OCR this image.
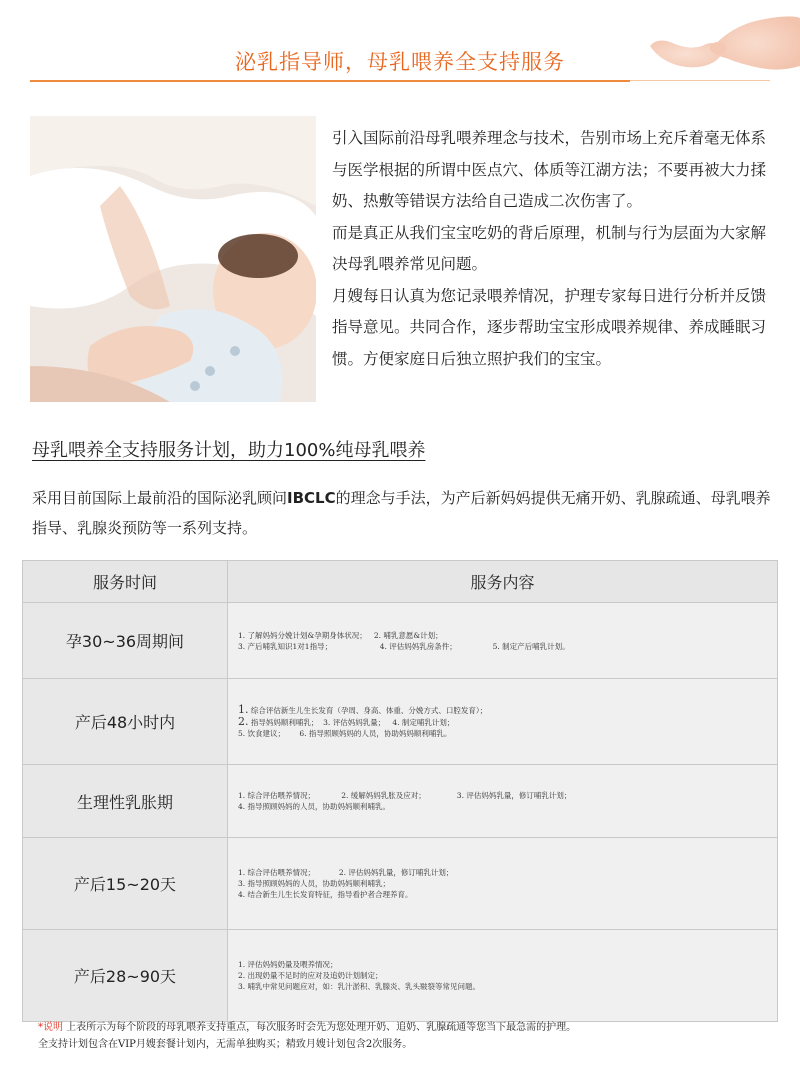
泌乳指导师，母乳喂养全支持服务

引入国际前沿母乳喂养理念与技术，告别市场上充斥着毫无体系与医学根据的所谓中医点穴、体质等江湖方法；不要再被大力揉奶、热敷等错误方法给自己造成二次伤害了。

而是真正从我们宝宝吃奶的背后原理，机制与行为层面为大家解决母乳喂养常见问题。

月嫂每日认真为您记录喂养情况，护理专家每日进行分析并反馈指导意见。共同合作，逐步帮助宝宝形成喂养规律、养成睡眠习惯。方便家庭日后独立照护我们的宝宝。

母乳喂养全支持服务计划，助力100%纯母乳喂养
采用目前国际上最前沿的国际泌乳顾问IBCLC的理念与手法，为产后新妈妈提供无痛开奶、乳腺疏通、母乳喂养指导、乳腺炎预防等一系列支持。
服务时间	服务内容
孕30~36周期间	1. 了解妈妈分娩计划&孕期身体状况；   2. 哺乳意愿&计划；
3. 产后哺乳知识1对1指导；                    4. 评估妈妈乳房条件；               5. 制定产后哺乳计划。

产后48小时内	1. 综合评估新生儿生长发育（孕周、身高、体重、分娩方式、口腔发育）；
2. 指导妈妈顺利哺乳；  3. 评估妈妈乳量；   4. 制定哺乳计划；
5. 饮食建议；      6. 指导照顾妈妈的人员，协助妈妈顺利哺乳。

生理性乳胀期	1. 综合评估喂养情况；           2. 缓解妈妈乳胀及应对；             3. 评估妈妈乳量，修订哺乳计划；
4. 指导照顾妈妈的人员，协助妈妈顺利哺乳。

产后15~20天	1. 综合评估喂养情况；          2. 评估妈妈乳量，修订哺乳计划；
3. 指导照顾妈妈的人员，协助妈妈顺利哺乳；
4. 结合新生儿生长发育特征，指导看护者合理养育。

产后28~90天	1. 评估妈妈奶量及喂养情况；
2. 出现奶量不足时的应对及追奶计划制定；
3. 哺乳中常见问题应对，如：乳汁淤积、乳腺炎、乳头皲裂等常见问题。
*说明 上表所示为每个阶段的母乳喂养支持重点，每次服务时会先为您处理开奶、追奶、乳腺疏通等您当下最急需的护理。
全支持计划包含在VIP月嫂套餐计划内，无需单独购买；精致月嫂计划包含2次服务。
